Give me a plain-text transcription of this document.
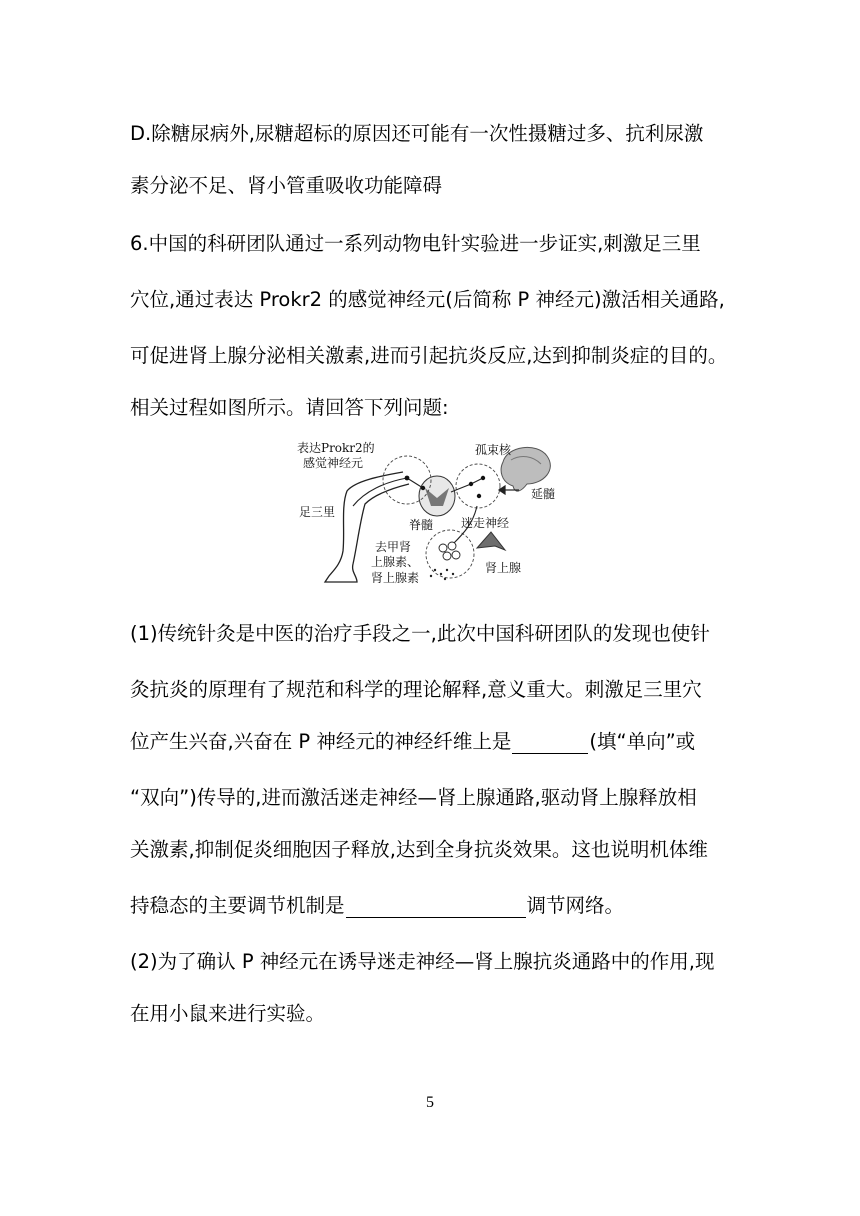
D.除糖尿病外,尿糖超标的原因还可能有一次性摄糖过多、抗利尿激
素分泌不足、肾小管重吸收功能障碍
6.中国的科研团队通过一系列动物电针实验进一步证实,刺激足三里
穴位,通过表达 Prokr2 的感觉神经元(后简称 P 神经元)激活相关通路,
可促进肾上腺分泌相关激素,进而引起抗炎反应,达到抑制炎症的目的。
相关过程如图所示。请回答下列问题:
表达Prokr2的
感觉神经元
孤束核
延髓
足三里
脊髓 迷走神经
去甲肾
上腺素、
肾上腺素
肾上腺
(1)传统针灸是中医的治疗手段之一,此次中国科研团队的发现也使针
灸抗炎的原理有了规范和科学的理论解释,意义重大。刺激足三里穴
位产生兴奋,兴奋在 P 神经元的神经纤维上是	(填“单向”或
“双向”)传导的,进而激活迷走神经—肾上腺通路,驱动肾上腺释放相
关激素,抑制促炎细胞因子释放,达到全身抗炎效果。这也说明机体维
持稳态的主要调节机制是	调节网络。
(2)为了确认 P 神经元在诱导迷走神经—肾上腺抗炎通路中的作用,现
在用小鼠来进行实验。
5
